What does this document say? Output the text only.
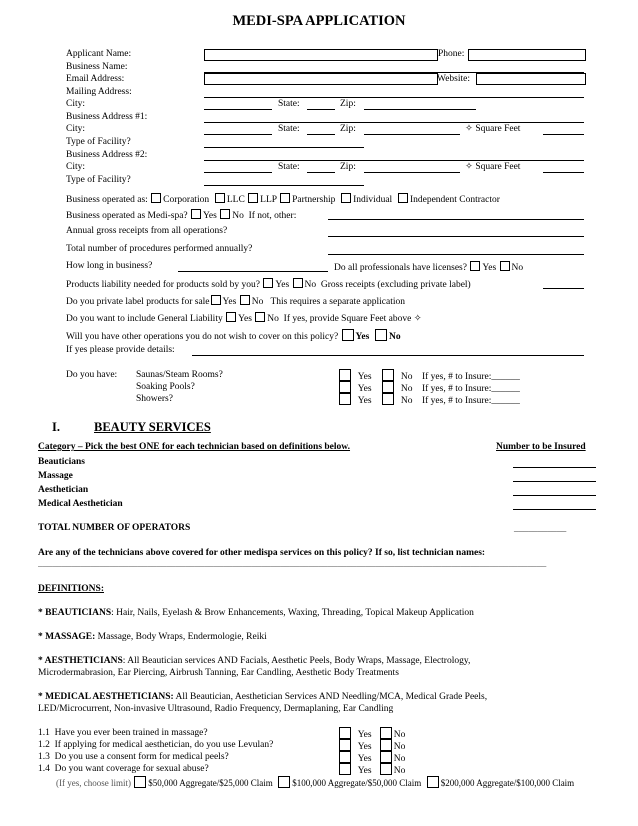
MEDI-SPA APPLICATION
Applicant Name:	Phone:
Business Name:
Email Address:	Website:
Mailing Address:
City:	State:	Zip:
Business Address #1:
City:	State:	Zip:	✧ Square Feet
Type of Facility?
Business Address #2:
City:	State:	Zip:	✧ Square Feet
Type of Facility?
Business operated as: Corporation LLC LLP Partnership Individual Independent Contractor
Business operated as Medi-spa? Yes No If not, other:
Annual gross receipts from all operations?
Total number of procedures performed annually?
How long in business?	Do all professionals have licenses? Yes No
Products liability needed for products sold by you? Yes No Gross receipts (excluding private label)
Do you private label products for sale Yes No This requires a separate application
Do you want to include General Liability Yes No If yes, provide Square Feet above ✧
Will you have other operations you do not wish to cover on this policy? Yes No
If yes please provide details:
Do you have: Saunas/Steam Rooms?	Yes	No If yes, # to Insure:______
Soaking Pools?	Yes	No If yes, # to Insure:______
Showers?	Yes	No If yes, # to Insure:______
I.	BEAUTY SERVICES
Category – Pick the best ONE for each technician based on definitions below.	Number to be Insured
Beauticians
Massage
Aesthetician
Medical Aesthetician
TOTAL NUMBER OF OPERATORS	___________
Are any of the technicians above covered for other medispa services on this policy? If so, list technician names:
___________________________________________________________________________________________________________
DEFINITIONS:
* BEAUTICIANS: Hair, Nails, Eyelash & Brow Enhancements, Waxing, Threading, Topical Makeup Application
* MASSAGE: Massage, Body Wraps, Endermologie, Reiki
* AESTHETICIANS: All Beautician services AND Facials, Aesthetic Peels, Body Wraps, Massage, Electrology, Microdermabrasion, Ear Piercing, Airbrush Tanning, Ear Candling, Aesthetic Body Treatments
* MEDICAL AESTHETICIANS: All Beautician, Aesthetician Services AND Needling/MCA, Medical Grade Peels, LED/Microcurrent, Non-invasive Ultrasound, Radio Frequency, Dermaplaning, Ear Candling
1.1 Have you ever been trained in massage?	Yes No
1.2 If applying for medical aesthetician, do you use Levulan?	Yes No
1.3 Do you use a consent form for medical peels?	Yes No
1.4 Do you want coverage for sexual abuse?	Yes No
(If yes, choose limit) $50,000 Aggregate/$25,000 Claim $100,000 Aggregate/$50,000 Claim $200,000 Aggregate/$100,000 Claim
